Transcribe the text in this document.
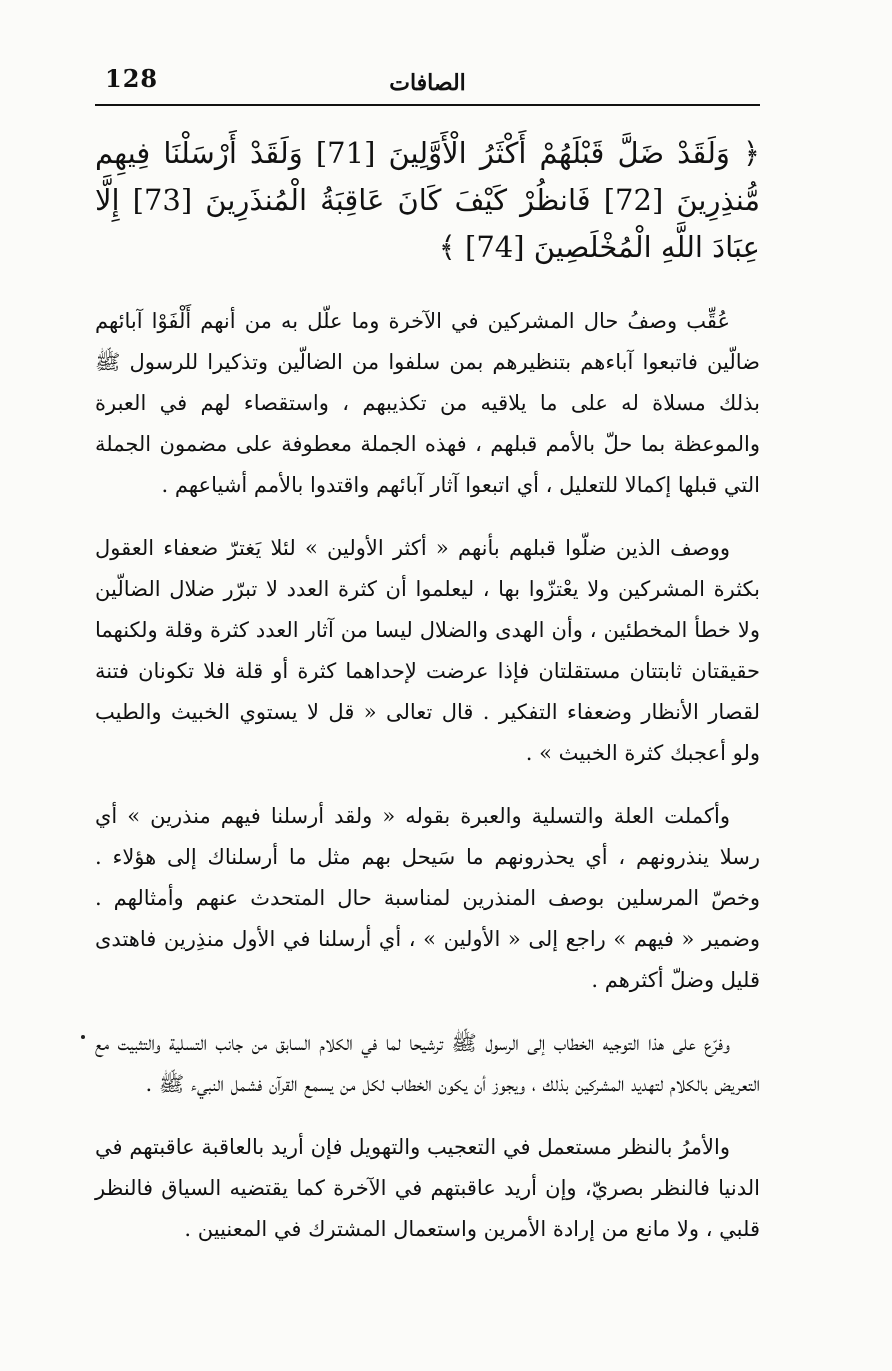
128	الصافات

﴿ وَلَقَدْ ضَلَّ قَبْلَهُمْ أَكْثَرُ الْأَوَّلِينَ [71] وَلَقَدْ أَرْسَلْنَا فِيهِم مُّنذِرِينَ [72] فَانظُرْ كَيْفَ كَانَ عَاقِبَةُ الْمُنذَرِينَ [73] إِلَّا عِبَادَ اللَّهِ الْمُخْلَصِينَ [74] ﴾

عُقِّب وصفُ حال المشركين في الآخرة وما علّل به من أنهم أَلْفَوْا آبائهم ضالّين فاتبعوا آباءهم بتنظيرهم بمن سلفوا من الضالّين وتذكيرا للرسول ﷺ بذلك مسلاة له على ما يلاقيه من تكذيبهم ، واستقصاء لهم في العبرة والموعظة بما حلّ بالأمم قبلهم ، فهذه الجملة معطوفة على مضمون الجملة التي قبلها إكمالا للتعليل ، أي اتبعوا آثار آبائهم واقتدوا بالأمم أشياعهم .

ووصف الذين ضلّوا قبلهم بأنهم « أكثر الأولين » لئلا يَغترّ ضعفاء العقول بكثرة المشركين ولا يعْتزّوا بها ، ليعلموا أن كثرة العدد لا تبرّر ضلال الضالّين ولا خطأ المخطئين ، وأن الهدى والضلال ليسا من آثار العدد كثرة وقلة ولكنهما حقيقتان ثابتتان مستقلتان فإذا عرضت لإحداهما كثرة أو قلة فلا تكونان فتنة لقصار الأنظار وضعفاء التفكير . قال تعالى « قل لا يستوي الخبيث والطيب ولو أعجبك كثرة الخبيث » .

وأكملت العلة والتسلية والعبرة بقوله « ولقد أرسلنا فيهم منذرين » أي رسلا ينذرونهم ، أي يحذرونهم ما سَيحل بهم مثل ما أرسلناك إلى هؤلاء . وخصّ المرسلين بوصف المنذرين لمناسبة حال المتحدث عنهم وأمثالهم . وضمير « فيهم » راجع إلى « الأولين » ، أي أرسلنا في الأول منذِرين فاهتدى قليل وضلّ أكثرهم .

وفرّع على هذا التوجيه الخطاب إلى الرسول ﷺ ترشيحا لما في الكلام السابق من جانب التسلية والتثبيت مع التعريض بالكلام لتهديد المشركين بذلك ، ويجوز أن يكون الخطاب لكل من يسمع القرآن فشمل النبيء ﷺ .

والأمرُ بالنظر مستعمل في التعجيب والتهويل فإن أريد بالعاقبة عاقبتهم في الدنيا فالنظر بصريّ، وإن أريد عاقبتهم في الآخرة كما يقتضيه السياق فالنظر قلبي ، ولا مانع من إرادة الأمرين واستعمال المشترك في المعنيين .
